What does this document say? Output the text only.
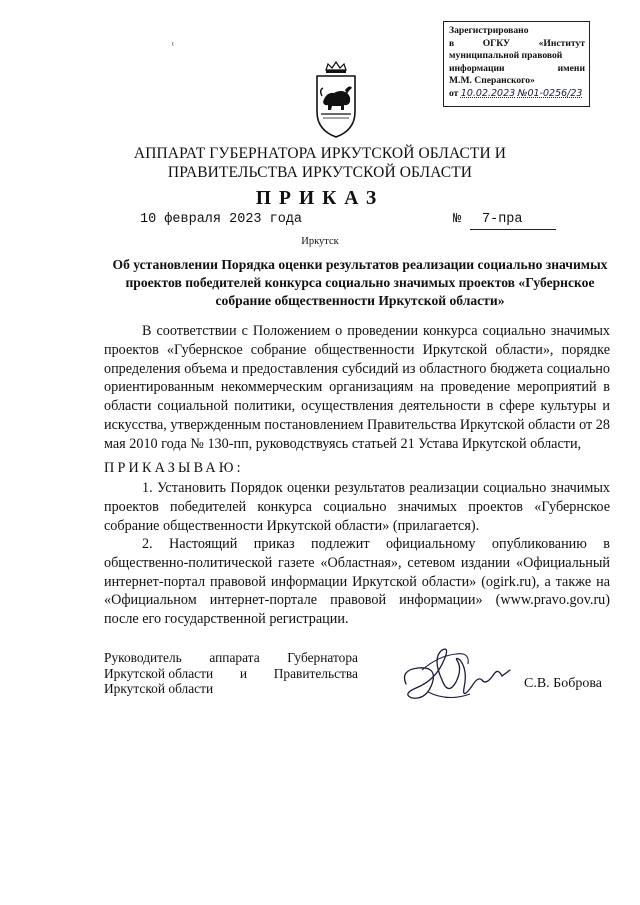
ᵗ
Зарегистрировано
в	ОГКУ	«Институт
муниципальной правовой
информации	имени
М.М. Сперанского»
от 10.02.2023 №01-0256/23
АППАРАТ ГУБЕРНАТОРА ИРКУТСКОЙ ОБЛАСТИ И
ПРАВИТЕЛЬСТВА ИРКУТСКОЙ ОБЛАСТИ
ПРИКАЗ
10 февраля 2023 года	№	7-пра
Иркутск
Об установлении Порядка оценки результатов реализации социально значимых проектов победителей конкурса социально значимых проектов «Губернское собрание общественности Иркутской области»
В соответствии с Положением о проведении конкурса социально значимых проектов «Губернское собрание общественности Иркутской области», порядке определения объема и предоставления субсидий из областного бюджета социально ориентированным некоммерческим организациям на проведение мероприятий в области социальной политики, осуществления деятельности в сфере культуры и искусства, утвержденным постановлением Правительства Иркутской области от 28 мая 2010 года № 130-пп, руководствуясь статьей 21 Устава Иркутской области,
ПРИКАЗЫВАЮ:
1. Установить Порядок оценки результатов реализации социально значимых проектов победителей конкурса социально значимых проектов «Губернское собрание общественности Иркутской области» (прилагается).
2. Настоящий приказ подлежит официальному опубликованию в общественно-политической газете «Областная», сетевом издании «Официальный интернет-портал правовой информации Иркутской области» (ogirk.ru), а также на «Официальном интернет-портале правовой информации» (www.pravo.gov.ru) после его государственной регистрации.
Руководитель аппарата Губернатора
Иркутской области и Правительства
Иркутской области	С.В. Боброва
